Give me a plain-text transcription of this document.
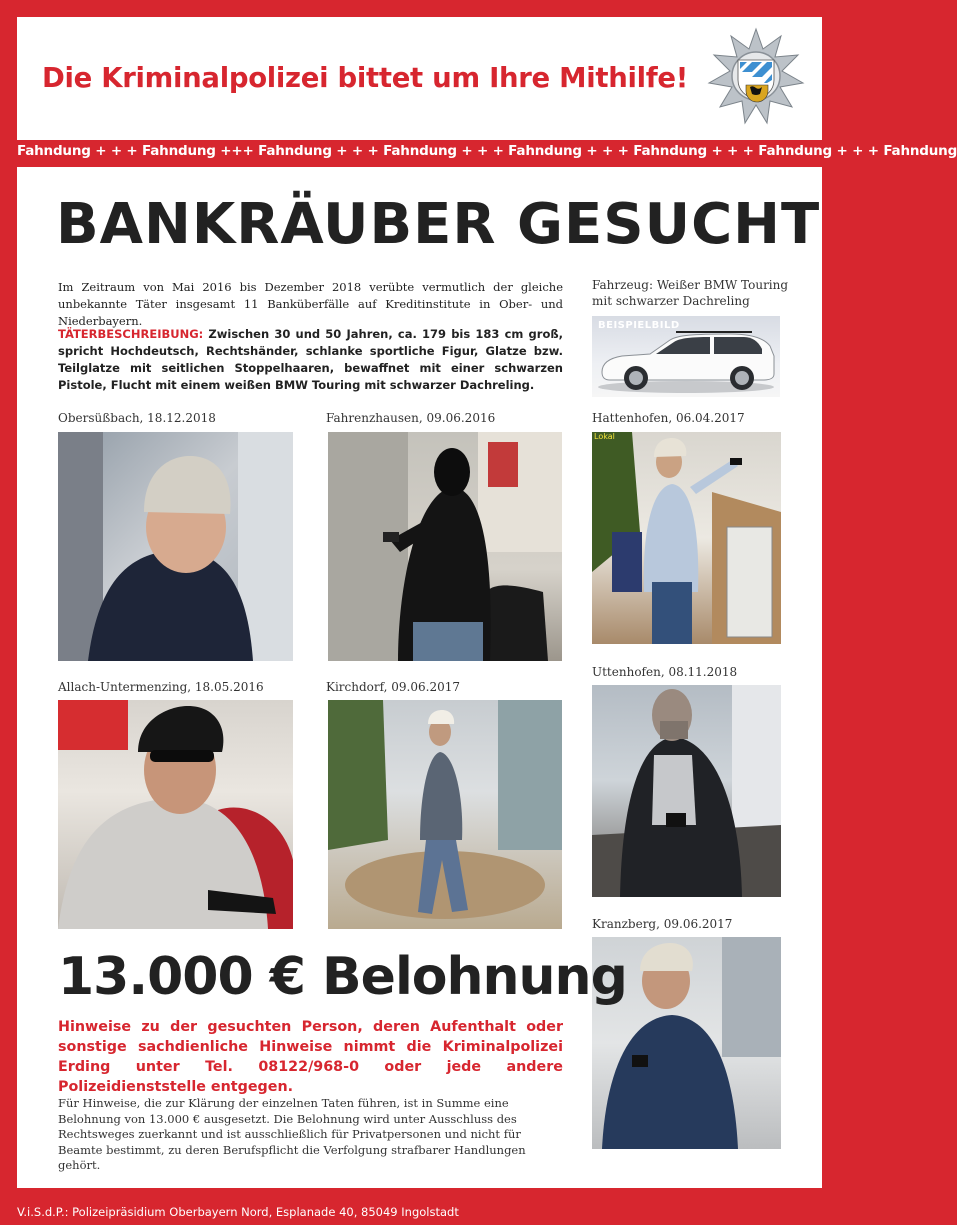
Die Kriminalpolizei bittet um Ihre Mithilfe!
Fahndung + + + Fahndung +++ Fahndung + + + Fahndung + + + Fahndung + + + Fahndung + + + Fahndung + + + Fahndung
BANKRÄUBER GESUCHT

Im Zeitraum von Mai 2016 bis Dezember 2018 verübte vermutlich der gleiche unbekannte Täter insgesamt 11 Banküberfälle auf Kreditinstitute in Ober- und Niederbayern.

TÄTERBESCHREIBUNG: Zwischen 30 und 50 Jahren, ca. 179 bis 183 cm groß, spricht Hochdeutsch, Rechtshänder, schlanke sportliche Figur, Glatze bzw. Teilglatze mit seitlichen Stoppelhaaren, bewaffnet mit einer schwarzen Pistole, Flucht mit einem weißen BMW Touring mit schwarzer Dachreling.

Fahrzeug: Weißer BMW Touring mit schwarzer Dachreling
BEISPIELBILD
Obersüßbach, 18.12.2018	Fahrenzhausen, 09.06.2016	Hattenhofen, 06.04.2017
Lokal
Uttenhofen, 08.11.2018
Allach-Untermenzing, 18.05.2016	Kirchdorf, 09.06.2017
Kranzberg, 09.06.2017
13.000 € Belohnung

Hinweise zu der gesuchten Person, deren Aufenthalt oder sonstige sachdienliche Hinweise nimmt die Kriminalpolizei Erding unter Tel. 08122/968-0 oder jede andere Polizeidienststelle entgegen.

Für Hinweise, die zur Klärung der einzelnen Taten führen, ist in Summe eine Belohnung von 13.000 € ausgesetzt. Die Belohnung wird unter Ausschluss des Rechtsweges zuerkannt und ist ausschließlich für Privatpersonen und nicht für Beamte bestimmt, zu deren Berufspflicht die Verfolgung strafbarer Handlungen gehört.

V.i.S.d.P.: Polizeipräsidium Oberbayern Nord, Esplanade 40, 85049 Ingolstadt
